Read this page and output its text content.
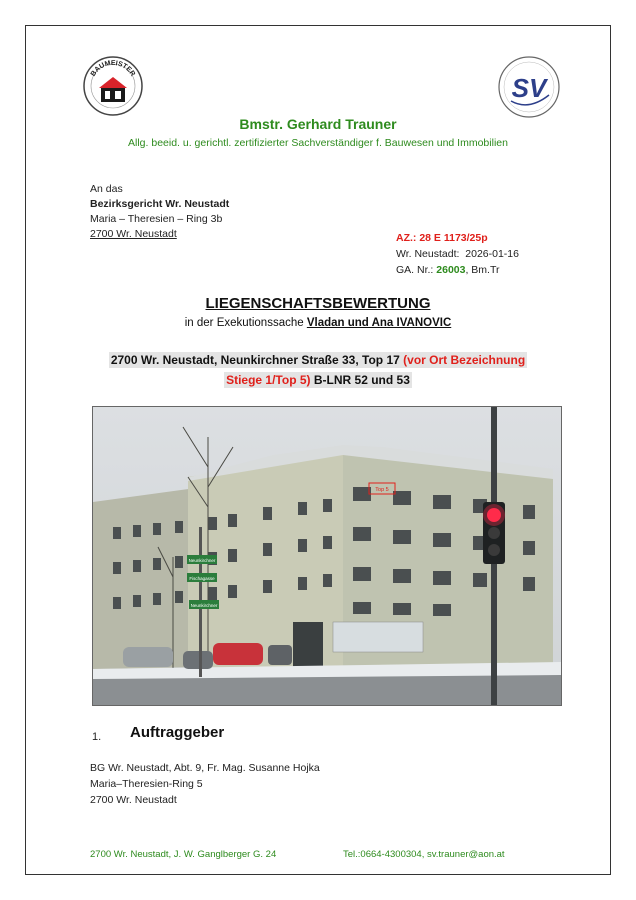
BAUMEISTER	SV
Bmstr. Gerhard Trauner
Allg. beeid. u. gerichtl. zertifizierter Sachverständiger f. Bauwesen und Immobilien
An das
Bezirksgericht Wr. Neustadt
Maria – Theresien – Ring 3b
2700 Wr. Neustadt	AZ.: 28 E 1173/25p
Wr. Neustadt: 2026-01-16
GA. Nr.: 26003, Bm.Tr
LIEGENSCHAFTSBEWERTUNG
in der Exekutionssache Vladan und Ana IVANOVIC
2700 Wr. Neustadt, Neunkirchner Straße 33, Top 17 (vor Ort Bezeichnung
Stiege 1/Top 5) B-LNR 52 und 53
Top 5
Neunkirchner
Fischagasse
Neunkirchner
1. Auftraggeber
BG Wr. Neustadt, Abt. 9, Fr. Mag. Susanne Hojka
Maria–Theresien-Ring 5
2700 Wr. Neustadt
2700 Wr. Neustadt, J. W. Ganglberger G. 24	Tel.:0664-4300304, sv.trauner@aon.at
